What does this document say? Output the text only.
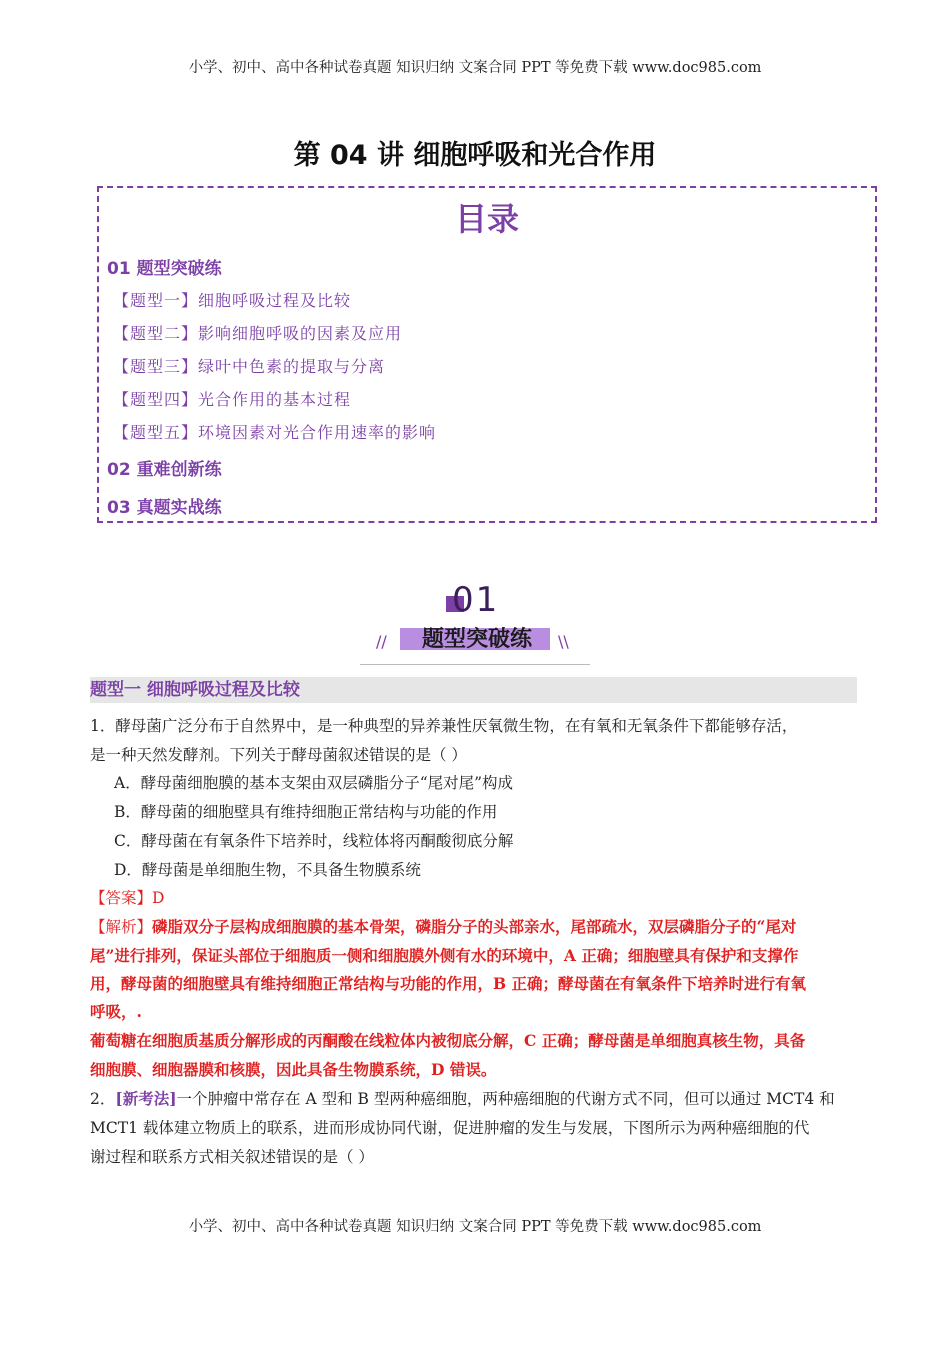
小学、初中、高中各种试卷真题 知识归纳 文案合同 PPT 等免费下载 www.doc985.com
第 04 讲 细胞呼吸和光合作用
目录
01 题型突破练
【题型一】细胞呼吸过程及比较
【题型二】影响细胞呼吸的因素及应用
【题型三】绿叶中色素的提取与分离
【题型四】光合作用的基本过程
【题型五】环境因素对光合作用速率的影响
02 重难创新练
03 真题实战练
01
//	\\
题型突破练
题型一 细胞呼吸过程及比较
1．酵母菌广泛分布于自然界中，是一种典型的异养兼性厌氧微生物，在有氧和无氧条件下都能够存活，
是一种天然发酵剂。下列关于酵母菌叙述错误的是（ ）
A．酵母菌细胞膜的基本支架由双层磷脂分子“尾对尾”构成
B．酵母菌的细胞壁具有维持细胞正常结构与功能的作用
C．酵母菌在有氧条件下培养时，线粒体将丙酮酸彻底分解
D．酵母菌是单细胞生物，不具备生物膜系统
【答案】D
【解析】磷脂双分子层构成细胞膜的基本骨架，磷脂分子的头部亲水，尾部疏水，双层磷脂分子的“尾对
尾”进行排列，保证头部位于细胞质一侧和细胞膜外侧有水的环境中，A 正确；细胞壁具有保护和支撑作
用，酵母菌的细胞壁具有维持细胞正常结构与功能的作用，B 正确；酵母菌在有氧条件下培养时进行有氧
呼吸，.
葡萄糖在细胞质基质分解形成的丙酮酸在线粒体内被彻底分解，C 正确；酵母菌是单细胞真核生物，具备
细胞膜、细胞器膜和核膜，因此具备生物膜系统，D 错误。
2．[新考法]一个肿瘤中常存在 A 型和 B 型两种癌细胞，两种癌细胞的代谢方式不同，但可以通过 MCT4 和
MCT1 载体建立物质上的联系，进而形成协同代谢，促进肿瘤的发生与发展，下图所示为两种癌细胞的代
谢过程和联系方式相关叙述错误的是（ ）
小学、初中、高中各种试卷真题 知识归纳 文案合同 PPT 等免费下载 www.doc985.com
